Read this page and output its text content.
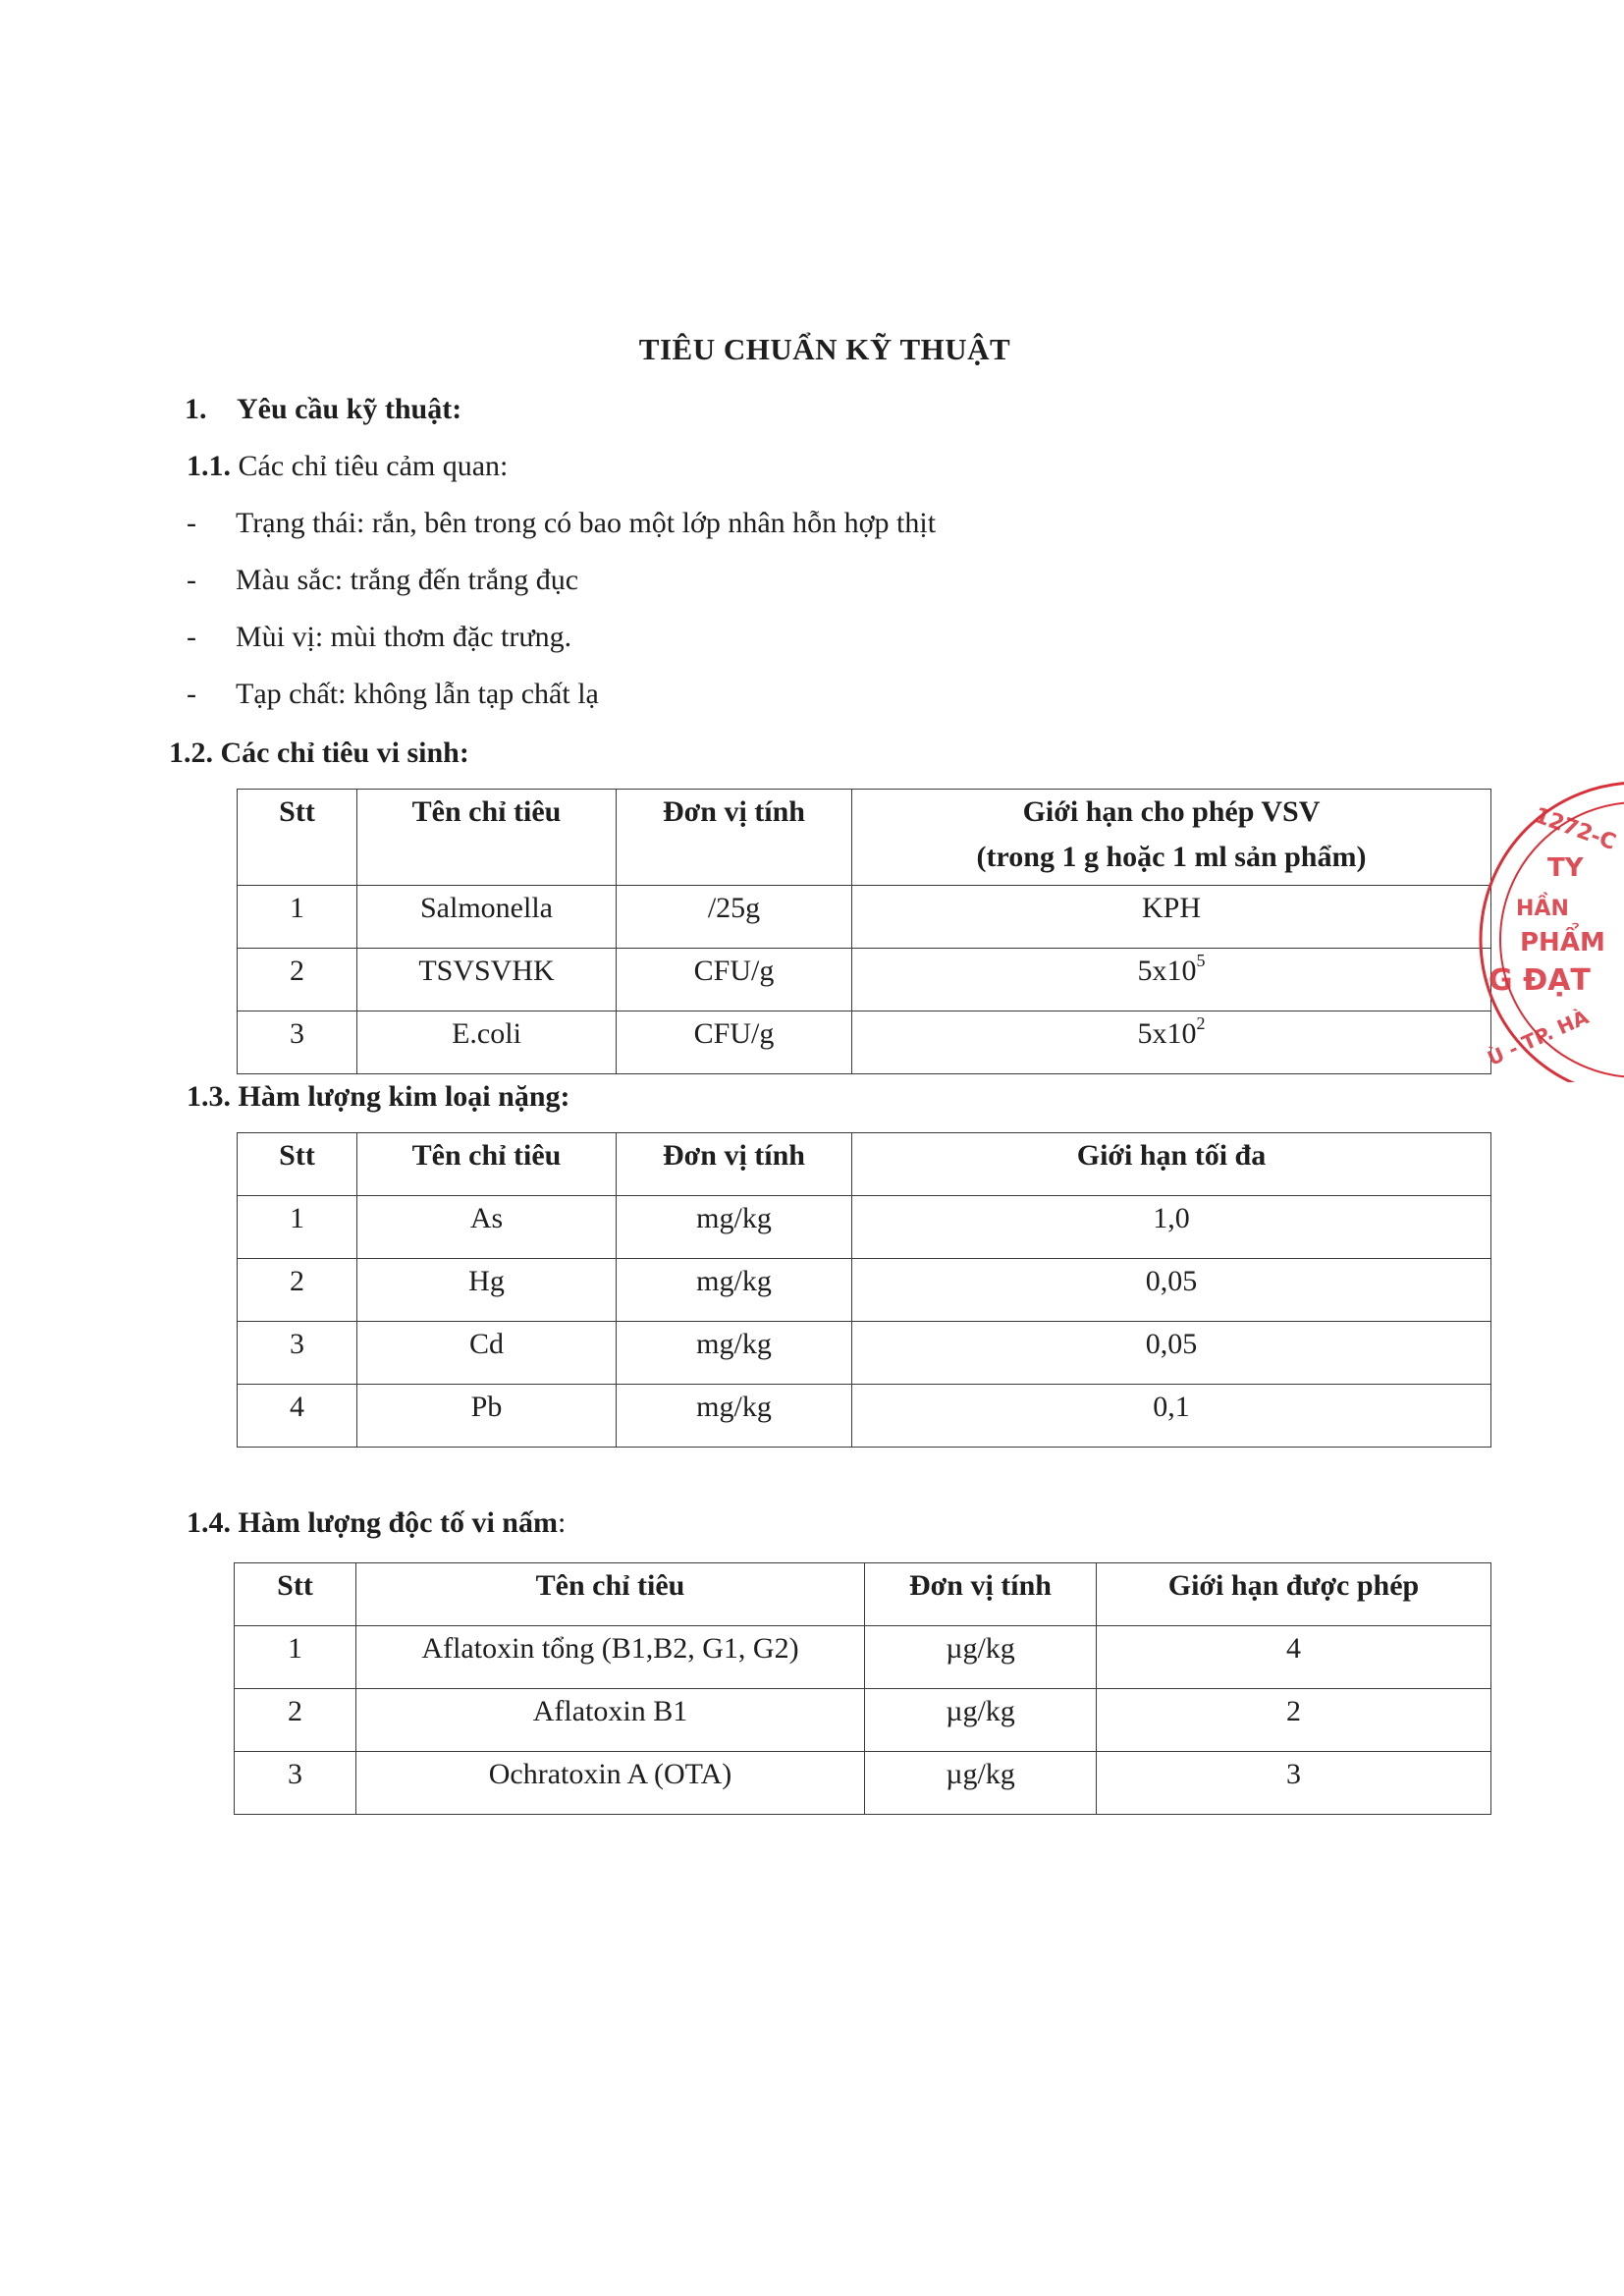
TIÊU CHUẨN KỸ THUẬT
1. Yêu cầu kỹ thuật:
1.1. Các chỉ tiêu cảm quan:
- Trạng thái: rắn, bên trong có bao một lớp nhân hỗn hợp thịt
- Màu sắc: trắng đến trắng đục
- Mùi vị: mùi thơm đặc trưng.
- Tạp chất: không lẫn tạp chất lạ
1.2. Các chỉ tiêu vi sinh:
Stt	Tên chỉ tiêu	Đơn vị tính	Giới hạn cho phép VSV
(trong 1 g hoặc 1 ml sản phẩm)

1	Salmonella	/25g	KPH
2	TSVSVHK	CFU/g	$5x10^5$
3	E.coli	CFU/g	$5x10^2$
1.3. Hàm lượng kim loại nặng:
Stt	Tên chỉ tiêu	Đơn vị tính	Giới hạn tối đa
1	As	mg/kg	1,0
2	Hg	mg/kg	0,05
3	Cd	mg/kg	0,05
4	Pb	mg/kg	0,1
1.4. Hàm lượng độc tố vi nấm:
Stt	Tên chỉ tiêu	Đơn vị tính	Giới hạn được phép
1	Aflatoxin tổng (B1,B2, G1, G2)	µg/kg	4
2	Aflatoxin B1	µg/kg	2
3	Ochratoxin A (OTA)	µg/kg	3
1272-C
TY
HẦN
PHẨM
G ĐẠT
Ù - TP. HÀ
